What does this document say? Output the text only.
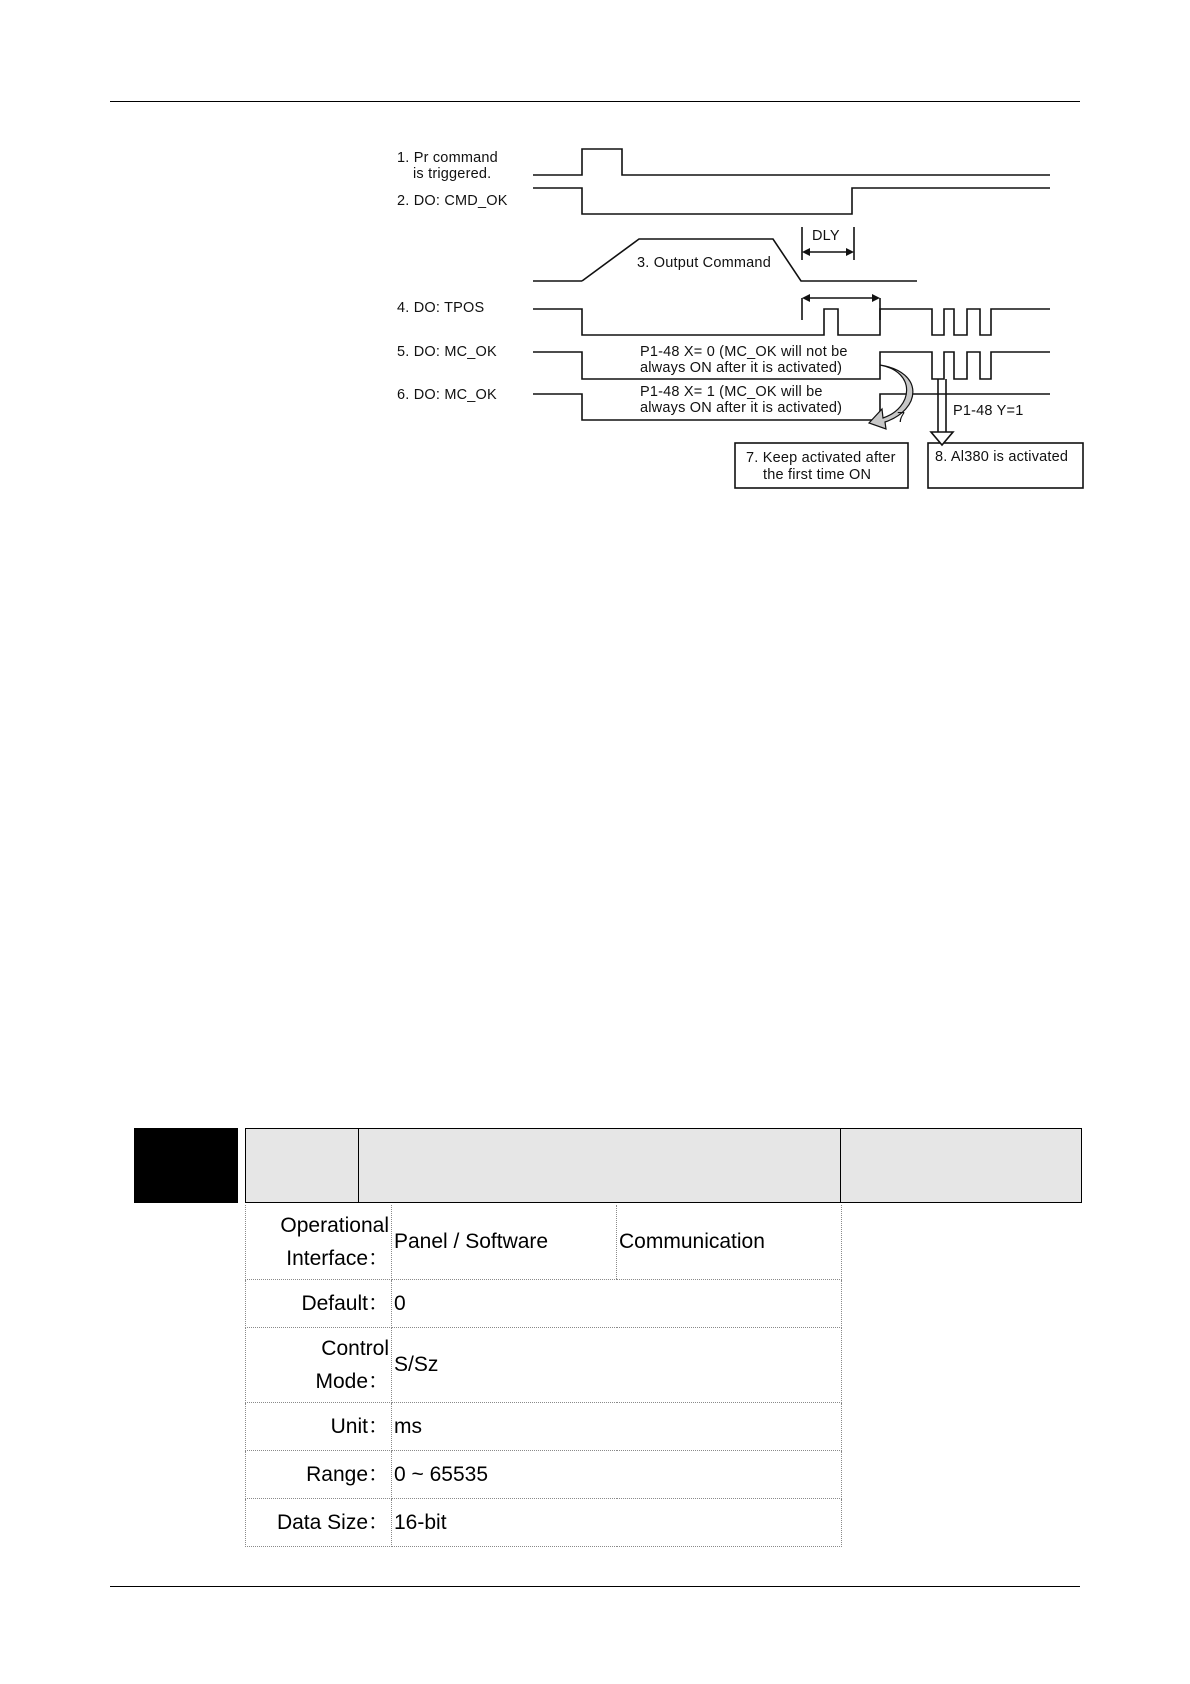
1. Pr command
is triggered.
2. DO: CMD_OK
3. Output Command
DLY
4. DO: TPOS
5. DO: MC_OK
6. DO: MC_OK
P1-48 X= 0 (MC_OK will not be
always ON after it is activated)
P1-48 X= 1 (MC_OK will be
always ON after it is activated)
7	P1-48 Y=1
7. Keep activated after
the first time ON
8. Al380 is activated
Operational
Interface：	Panel / Software	Communication
Default：	0	
Control
Mode：	S/Sz	
Unit：	ms	
Range：	0 ~ 65535	
Data Size：	16-bit	
